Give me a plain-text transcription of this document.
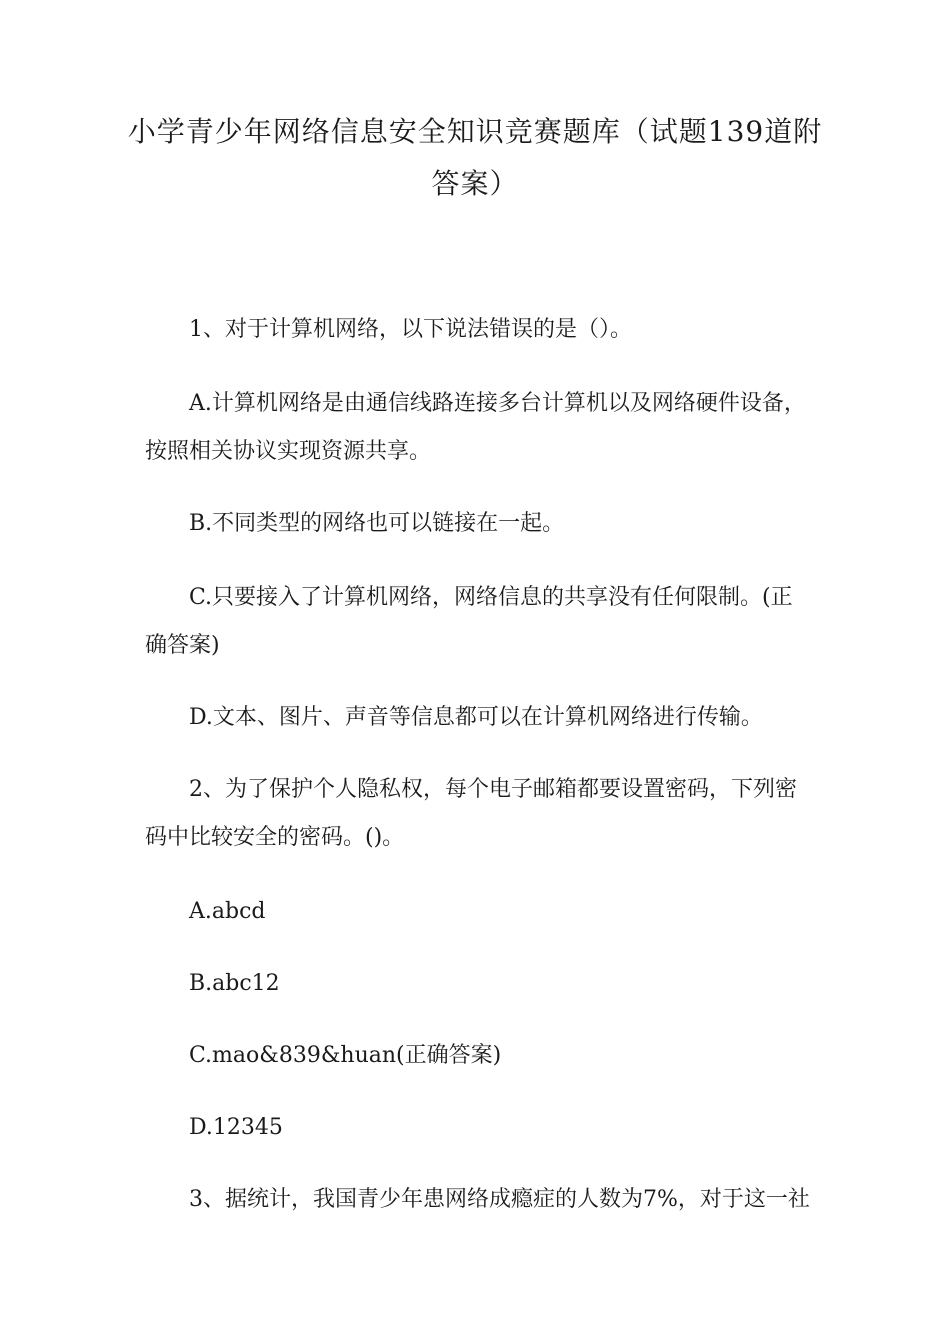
小学青少年网络信息安全知识竞赛题库（试题139道附答案）

1、对于计算机网络，以下说法错误的是（）。

A.计算机网络是由通信线路连接多台计算机以及网络硬件设备，按照相关协议实现资源共享。

B.不同类型的网络也可以链接在一起。

C.只要接入了计算机网络，网络信息的共享没有任何限制。(正确答案)

D.文本、图片、声音等信息都可以在计算机网络进行传输。

2、为了保护个人隐私权，每个电子邮箱都要设置密码，下列密码中比较安全的密码。()。

A.abcd

B.abc12

C.mao&839&huan(正确答案)

D.12345

3、据统计，我国青少年患网络成瘾症的人数为7%，对于这一社
